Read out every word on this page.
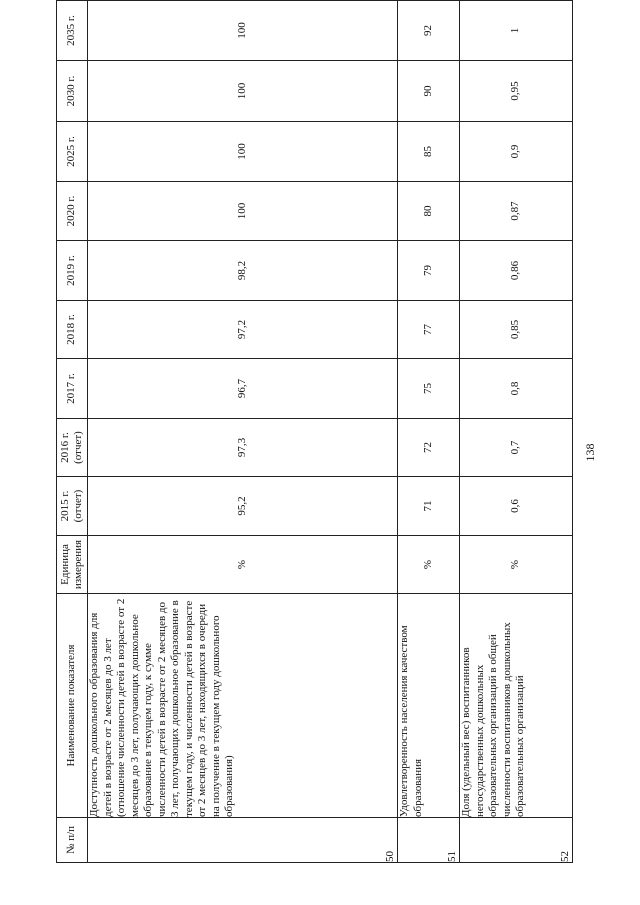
№ п/п	Наименование показателя	Единица измерения	2015 г. (отчет)	2016 г. (отчет)	2017 г.	2018 г.	2019 г.	2020 г.	2025 г.	2030 г.	2035 г.
50	Доступность дошкольного образования для детей в возрасте от 2 месяцев до 3 лет (отношение численности детей в возрасте от 2 месяцев до 3 лет, получающих дошкольное образование в текущем году, к сумме численности детей в возрасте от 2 месяцев до 3 лет, получающих дошкольное образование в текущем году, и численности детей в возрасте от 2 месяцев до 3 лет, находящихся в очереди на получение в текущем году дошкольного образования)	%	95,2	97,3	96,7	97,2	98,2	100	100	100	100
51	Удовлетворенность населения качеством образования	%	71	72	75	77	79	80	85	90	92
52	Доля (удельный вес) воспитанников негосударственных дошкольных образовательных организаций в общей численности воспитанников дошкольных образовательных организаций	%	0,6	0,7	0,8	0,85	0,86	0,87	0,9	0,95	1
138
